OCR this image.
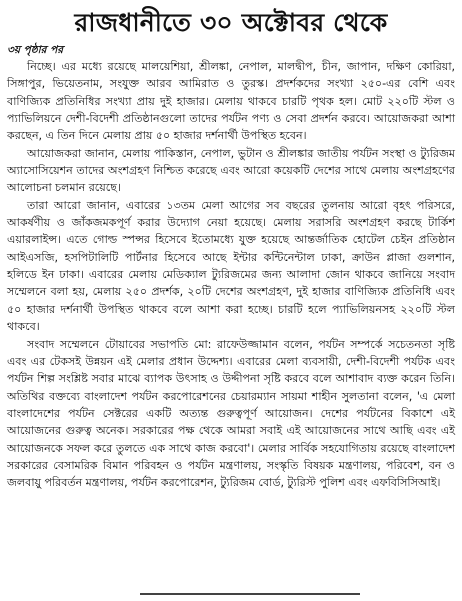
রাজধানীতে ৩০ অক্টোবর থেকে
৩য় পৃষ্ঠার পর

নিচ্ছে। এর মধ্যে রয়েছে মালয়েশিয়া, শ্রীলঙ্কা, নেপাল, মালদ্বীপ, চীন, জাপান, দক্ষিণ কোরিয়া, সিঙ্গাপুর, ভিয়েতনাম, সংযুক্ত আরব আমিরাত ও তুরস্ক। প্রদর্শকদের সংখ্যা ২৫০-এর বেশি এবং বাণিজ্যিক প্রতিনিধির সংখ্যা প্রায় দুই হাজার। মেলায় থাকবে চারটি পৃথক হল। মোট ২২০টি স্টল ও প্যাভিলিয়নে দেশী-বিদেশী প্রতিষ্ঠানগুলো তাদের পর্যটন পণ্য ও সেবা প্রদর্শন করবে। আয়োজকরা আশা করছেন, এ তিন দিনে মেলায় প্রায় ৫০ হাজার দর্শনার্থী উপস্থিত হবেন।

আয়োজকরা জানান, মেলায় পাকিস্তান, নেপাল, ভুটান ও শ্রীলঙ্কার জাতীয় পর্যটন সংস্থা ও ট্যুরিজম অ্যাসোসিয়েশন তাদের অংশগ্রহণ নিশ্চিত করেছে এবং আরো কয়েকটি দেশের সাথে মেলায় অংশগ্রহণের আলোচনা চলমান রয়েছে।

তারা আরো জানান, এবারের ১৩তম মেলা আগের সব বছরের তুলনায় আরো বৃহৎ পরিসরে, আকর্ষণীয় ও জাঁকজমকপূর্ণ করার উদ্যোগ নেয়া হয়েছে। মেলায় সরাসরি অংশগ্রহণ করছে টার্কিশ এয়ারলাইন্স। এতে গোল্ড স্পন্সর হিসেবে ইতোমধ্যে যুক্ত হয়েছে আন্তর্জাতিক হোটেল চেইন প্রতিষ্ঠান আইএসজি, হসপিটালিটি পার্টনার হিসেবে আছে ইন্টার কন্টিনেন্টাল ঢাকা, ক্রাউন প্লাজা গুলশান, হলিডে ইন ঢাকা। এবারের মেলায় মেডিক্যাল ট্যুরিজমের জন্য আলাদা জোন থাকবে জানিয়ে সংবাদ সম্মেলনে বলা হয়, মেলায় ২৫০ প্রদর্শক, ২০টি দেশের অংশগ্রহণ, দুই হাজার বাণিজ্যিক প্রতিনিধি এবং ৫০ হাজার দর্শনার্থী উপস্থিত থাকবে বলে আশা করা হচ্ছে। চারটি হলে প্যাভিলিয়নসহ ২২০টি স্টল থাকবে।

সংবাদ সম্মেলনে টোয়াবের সভাপতি মো: রাফেউজ্জামান বলেন, পর্যটন সম্পর্কে সচেতনতা সৃষ্টি এবং এর টেকসই উন্নয়ন এই মেলার প্রধান উদ্দেশ্য। এবারের মেলা ব্যবসায়ী, দেশী-বিদেশী পর্যটক এবং পর্যটন শিল্প সংশ্লিষ্ট সবার মাঝে ব্যাপক উৎসাহ ও উদ্দীপনা সৃষ্টি করবে বলে আশাবাদ ব্যক্ত করেন তিনি। অতিথির বক্তব্যে বাংলাদেশ পর্যটন করপোরেশনের চেয়ারম্যান সায়মা শাহীন সুলতানা বলেন, 'এ মেলা বাংলাদেশের পর্যটন সেক্টরের একটি অত্যন্ত গুরুত্বপূর্ণ আয়োজন। দেশের পর্যটনের বিকাশে এই আয়োজনের গুরুত্ব অনেক। সরকারের পক্ষ থেকে আমরা সবাই এই আয়োজনের সাথে আছি এবং এই আয়োজনকে সফল করে তুলতে এক সাথে কাজ করবো'। মেলার সার্বিক সহযোগিতায় রয়েছে বাংলাদেশ সরকারের বেসামরিক বিমান পরিবহন ও পর্যটন মন্ত্রণালয়, সংস্কৃতি বিষয়ক মন্ত্রণালয়, পরিবেশ, বন ও জলবায়ু পরিবর্তন মন্ত্রণালয়, পর্যটন করপোরেশন, ট্যুরিজম বোর্ড, ট্যুরিস্ট পুলিশ এবং এফবিসিসিআই।
